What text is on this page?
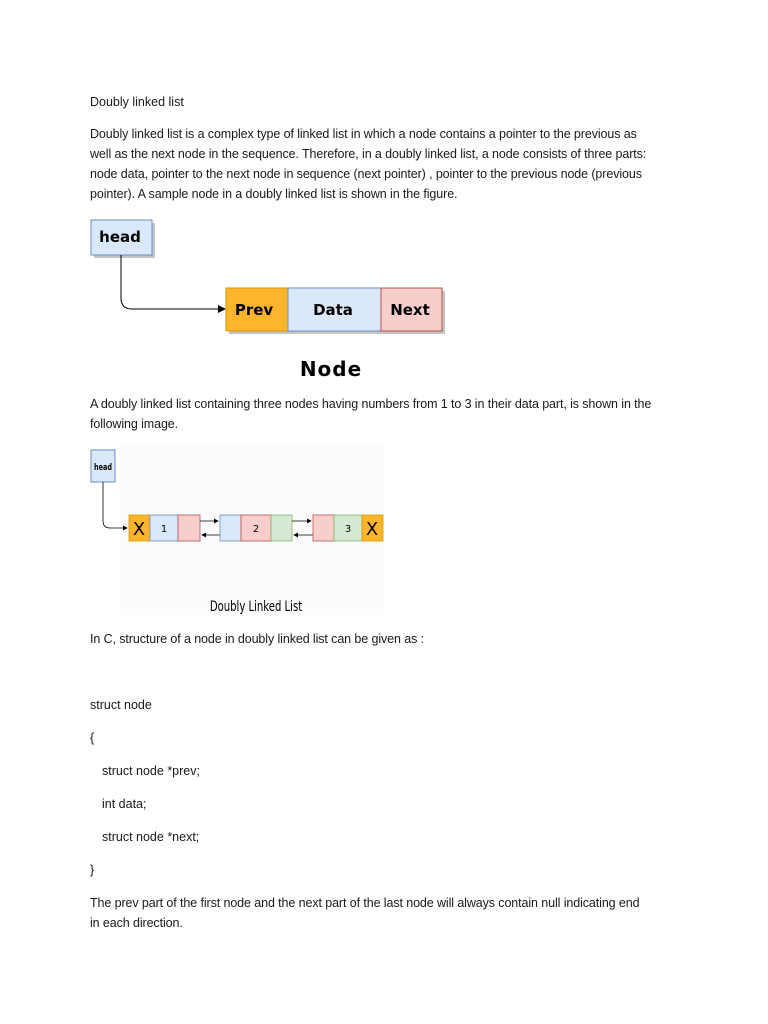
Doubly linked list
Doubly linked list is a complex type of linked list in which a node contains a pointer to the previous as
well as the next node in the sequence. Therefore, in a doubly linked list, a node consists of three parts:
node data, pointer to the next node in sequence (next pointer) , pointer to the previous node (previous
pointer). A sample node in a doubly linked list is shown in the figure.
head
Prev	Data Next
Node
A doubly linked list containing three nodes having numbers from 1 to 3 in their data part, is shown in the
following image.
head
X 1	2	3 X
Doubly Linked List
In C, structure of a node in doubly linked list can be given as :
struct node
{
struct node *prev;
int data;
struct node *next;
}
The prev part of the first node and the next part of the last node will always contain null indicating end
in each direction.
